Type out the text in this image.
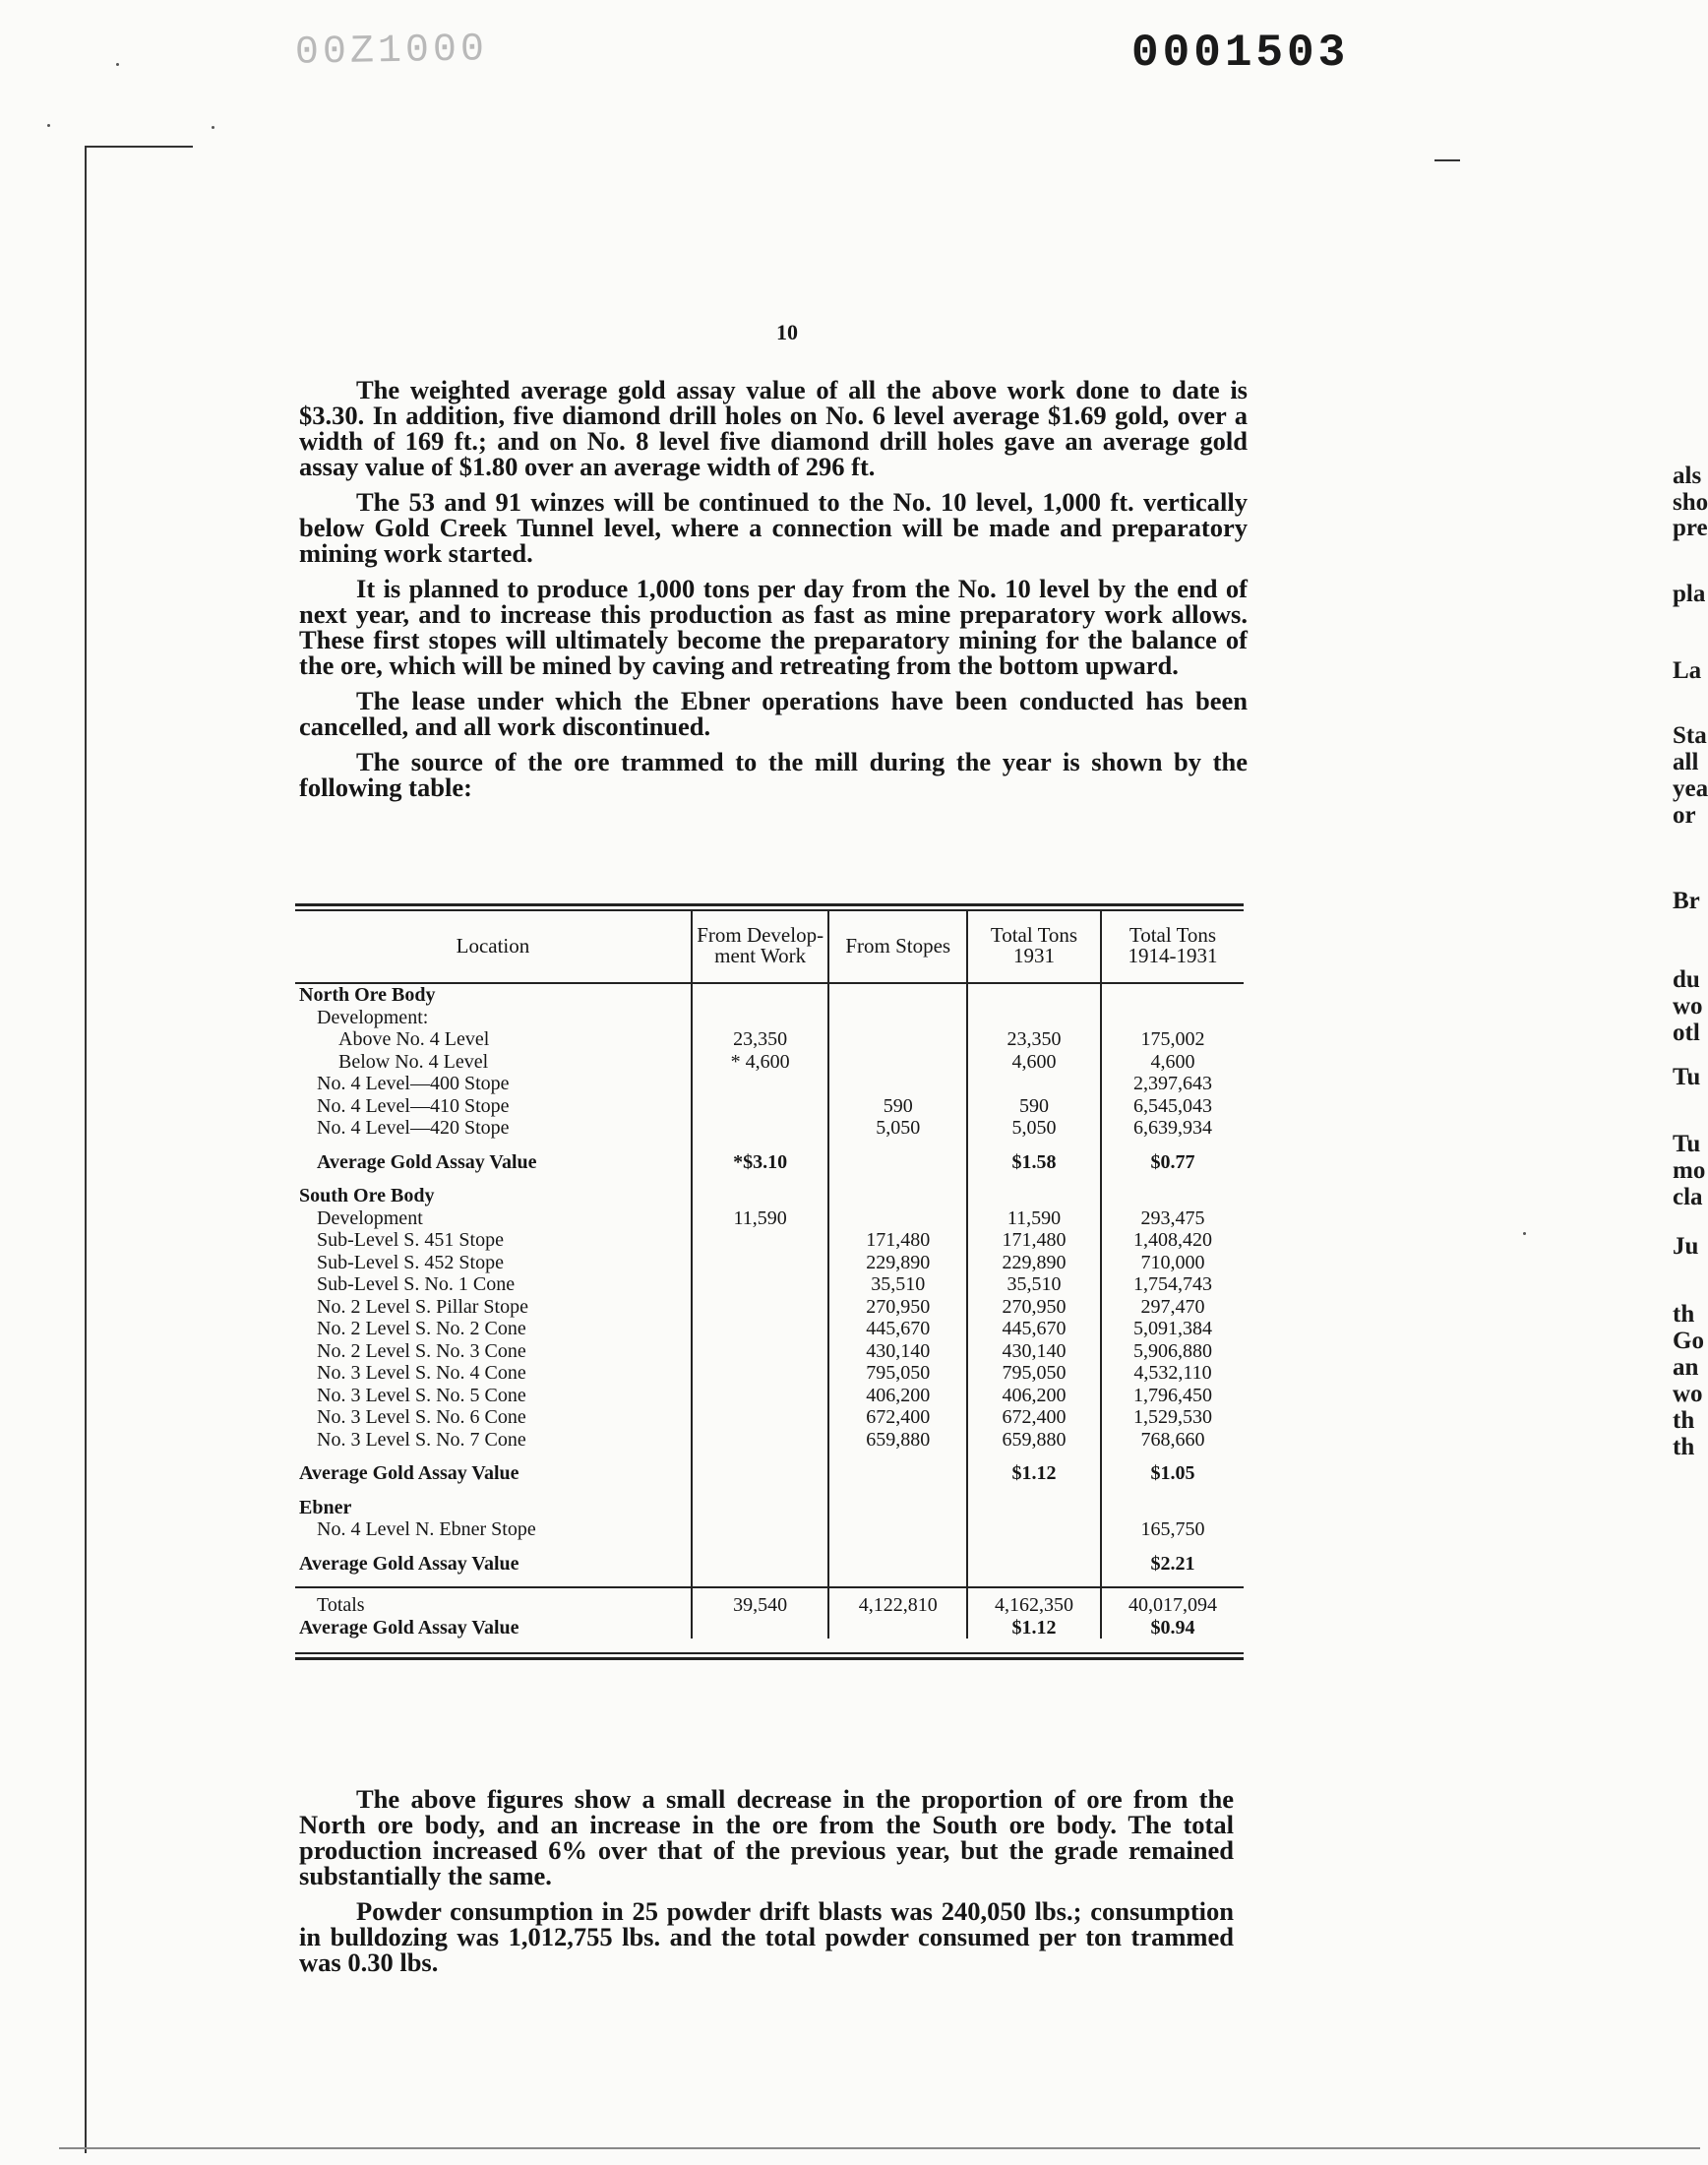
00Z1000	0001503
10

The weighted average gold assay value of all the above work done to date is $3.30. In addition, five diamond drill holes on No. 6 level average $1.69 gold, over a width of 169 ft.; and on No. 8 level five diamond drill holes gave an average gold assay value of $1.80 over an average width of 296 ft.

The 53 and 91 winzes will be continued to the No. 10 level, 1,000 ft. vertically below Gold Creek Tunnel level, where a connection will be made and preparatory mining work started.

It is planned to produce 1,000 tons per day from the No. 10 level by the end of next year, and to increase this production as fast as mine preparatory work allows. These first stopes will ultimately become the preparatory mining for the balance of the ore, which will be mined by caving and retreating from the bottom upward.

The lease under which the Ebner operations have been conducted has been cancelled, and all work discontinued.

The source of the ore trammed to the mill during the year is shown by the following table:

Location	From Develop- ment Work	From Stopes	Total Tons 1931	Total Tons 1914-1931
North Ore Body				
Development:				

Above No. 4 Level	23,350		23,350	175,002

Below No. 4 Level	* 4,600		4,600	4,600

No. 4 Level—400 Stope				2,397,643

No. 4 Level—410 Stope		590	590	6,545,043

No. 4 Level—420 Stope		5,050	5,050	6,639,934

Average Gold Assay Value	*$3.10		$1.58	$0.77

South Ore Body				

Development	11,590		11,590	293,475

Sub-Level S. 451 Stope		171,480	171,480	1,408,420

Sub-Level S. 452 Stope		229,890	229,890	710,000

Sub-Level S. No. 1 Cone		35,510	35,510	1,754,743

No. 2 Level S. Pillar Stope		270,950	270,950	297,470

No. 2 Level S. No. 2 Cone		445,670	445,670	5,091,384

No. 2 Level S. No. 3 Cone		430,140	430,140	5,906,880

No. 3 Level S. No. 4 Cone		795,050	795,050	4,532,110

No. 3 Level S. No. 5 Cone		406,200	406,200	1,796,450

No. 3 Level S. No. 6 Cone		672,400	672,400	1,529,530

No. 3 Level S. No. 7 Cone		659,880	659,880	768,660

Average Gold Assay Value			$1.12	$1.05

Ebner				

No. 4 Level N. Ebner Stope				165,750

Average Gold Assay Value				$2.21

Totals	39,540	4,122,810	4,162,350	40,017,094

Average Gold Assay Value			$1.12	$0.94

The above figures show a small decrease in the proportion of ore from the North ore body, and an increase in the ore from the South ore body. The total production increased 6% over that of the previous year, but the grade remained substantially the same.

Powder consumption in 25 powder drift blasts was 240,050 lbs.; consumption in bulldozing was 1,012,755 lbs. and the total powder consumed per ton trammed was 0.30 lbs.

als
sho
pre
pla
La
Sta
all
yea
or
Br
du
wo
otl
Tu
Tu
mo
cla
Ju
th
Go
an
wo
th
th
